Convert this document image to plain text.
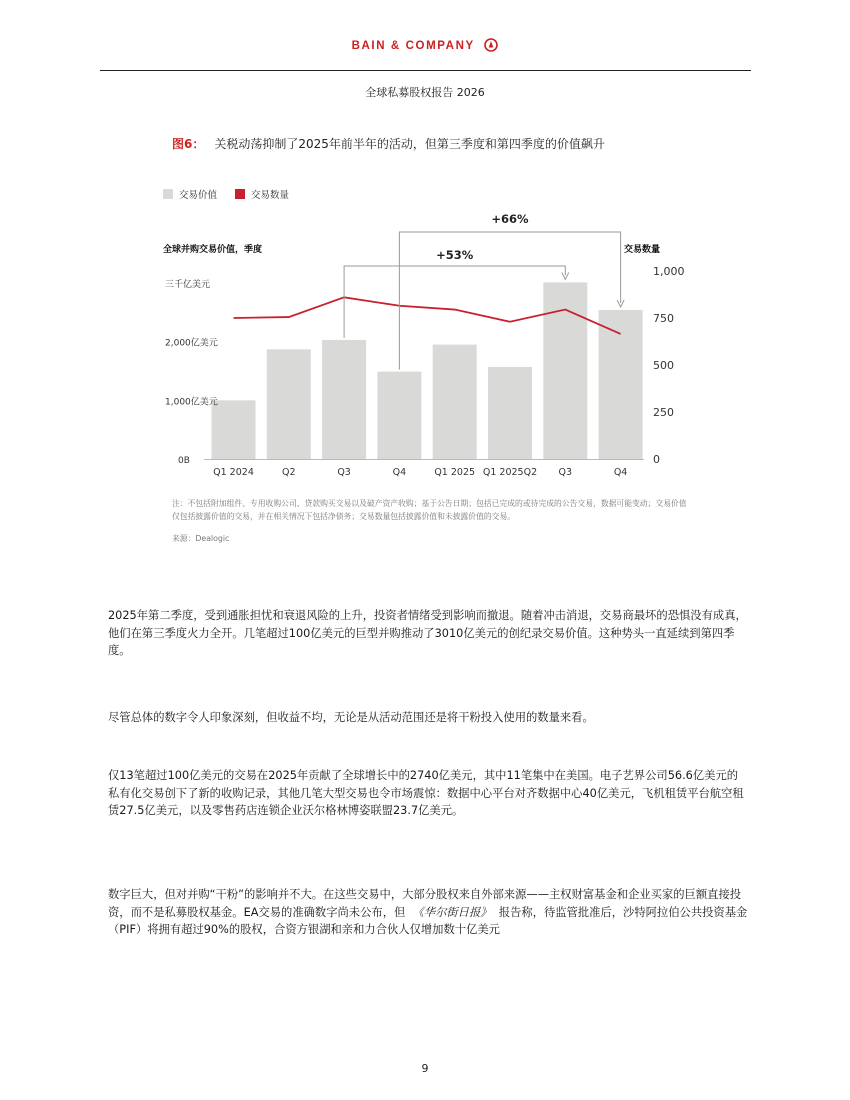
BAIN & COMPANY
全球私募股权报告 2026
图6： 关税动荡抑制了2025年前半年的活动，但第三季度和第四季度的价值飙升
交易价值	交易数量
全球并购交易价值，季度	交易数量
0B
1,000亿美元
2,000亿美元
三千亿美元
0
250
500
750
1,000
Q1 2024	Q2	Q3	Q4	Q1 2025 Q1 2025Q2 Q3	Q4
+53%
+66%
注：不包括附加组件、专用收购公司、贷款购买交易以及破产资产收购；基于公告日期；包括已完成的或待完成的公告交易，数据可能变动；交易价值仅包括披露价值的交易，并在相关情况下包括净债务；交易数量包括披露价值和未披露价值的交易。
来源：Dealogic

2025年第二季度，受到通胀担忧和衰退风险的上升，投资者情绪受到影响而撤退。随着冲击消退，交易商最坏的恐惧没有成真，他们在第三季度火力全开。几笔超过100亿美元的巨型并购推动了3010亿美元的创纪录交易价值。这种势头一直延续到第四季度。

尽管总体的数字令人印象深刻，但收益不均，无论是从活动范围还是将干粉投入使用的数量来看。

仅13笔超过100亿美元的交易在2025年贡献了全球增长中的2740亿美元，其中11笔集中在美国。电子艺界公司56.6亿美元的私有化交易创下了新的收购记录，其他几笔大型交易也令市场震惊：数据中心平台对齐数据中心40亿美元，飞机租赁平台航空租赁27.5亿美元，以及零售药店连锁企业沃尔格林博姿联盟23.7亿美元。

数字巨大，但对并购“干粉”的影响并不大。在这些交易中，大部分股权来自外部来源——主权财富基金和企业买家的巨额直接投资，而不是私募股权基金。EA交易的准确数字尚未公布，但 《华尔街日报》 报告称，待监管批准后，沙特阿拉伯公共投资基金（PIF）将拥有超过90%的股权，合资方银湖和亲和力合伙人仅增加数十亿美元

9
